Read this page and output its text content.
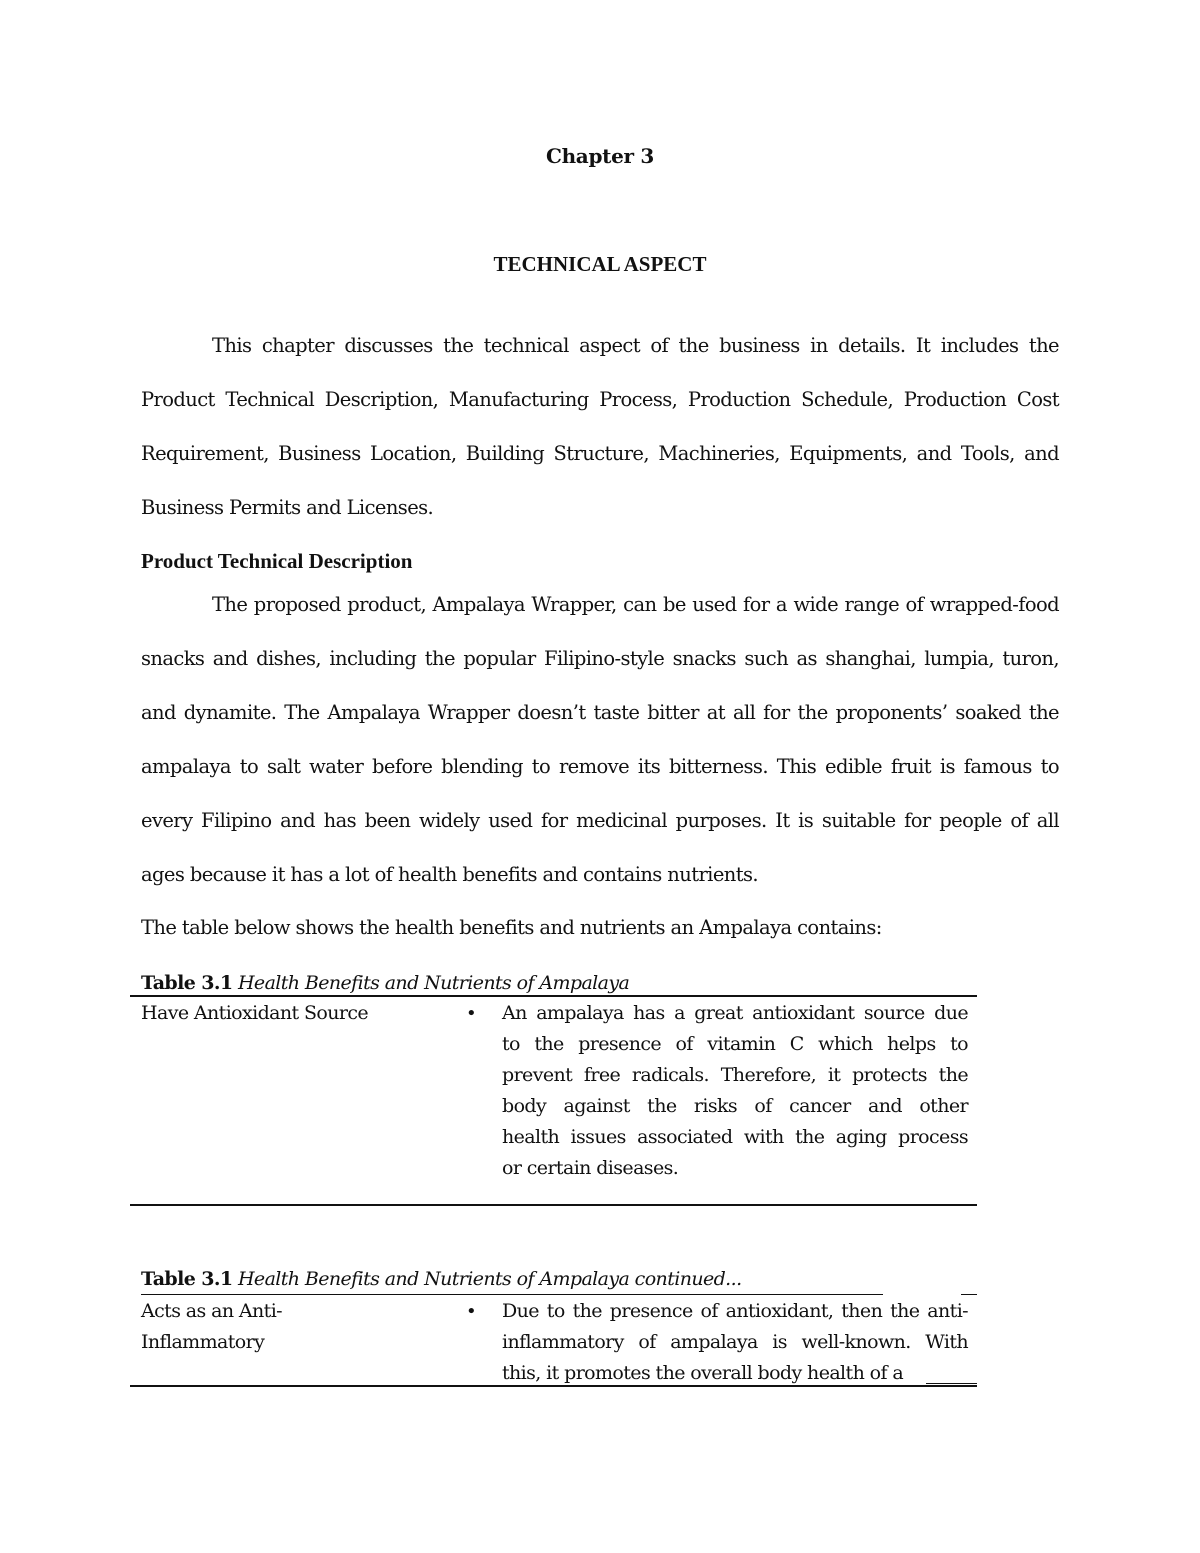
Chapter 3
TECHNICAL ASPECT
This chapter discusses the technical aspect of the business in details. It includes the
Product Technical Description, Manufacturing Process, Production Schedule, Production Cost
Requirement, Business Location, Building Structure, Machineries, Equipments, and Tools, and
Business Permits and Licenses.
Product Technical Description
The proposed product, Ampalaya Wrapper, can be used for a wide range of wrapped-food
snacks and dishes, including the popular Filipino-style snacks such as shanghai, lumpia, turon,
and dynamite. The Ampalaya Wrapper doesn’t taste bitter at all for the proponents’ soaked the
ampalaya to salt water before blending to remove its bitterness. This edible fruit is famous to
every Filipino and has been widely used for medicinal purposes. It is suitable for people of all
ages because it has a lot of health benefits and contains nutrients.
The table below shows the health benefits and nutrients an Ampalaya contains:
Table 3.1 Health Benefits and Nutrients of Ampalaya
Have Antioxidant Source	• An ampalaya has a great antioxidant source due
to the presence of vitamin C which helps to
prevent free radicals. Therefore, it protects the
body against the risks of cancer and other
health issues associated with the aging process
or certain diseases.
Table 3.1 Health Benefits and Nutrients of Ampalaya continued...
Acts as an Anti-
Inflammatory
• Due to the presence of antioxidant, then the anti-
inflammatory of ampalaya is well-known. With
this, it promotes the overall body health of a
